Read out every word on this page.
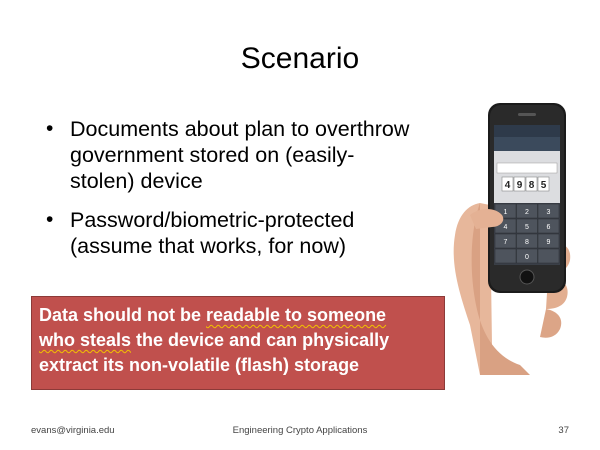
Scenario
• Documents about plan to overthrow government stored on (easily-stolen) device
• Password/biometric-protected (assume that works, for now)
4 9 8 5
1	2	3
4	5	6
7	8	9
0
Data should not be readable to someone
who steals the device and can physically
extract its non-volatile (flash) storage
evans@virginia.edu	Engineering Crypto Applications	37
